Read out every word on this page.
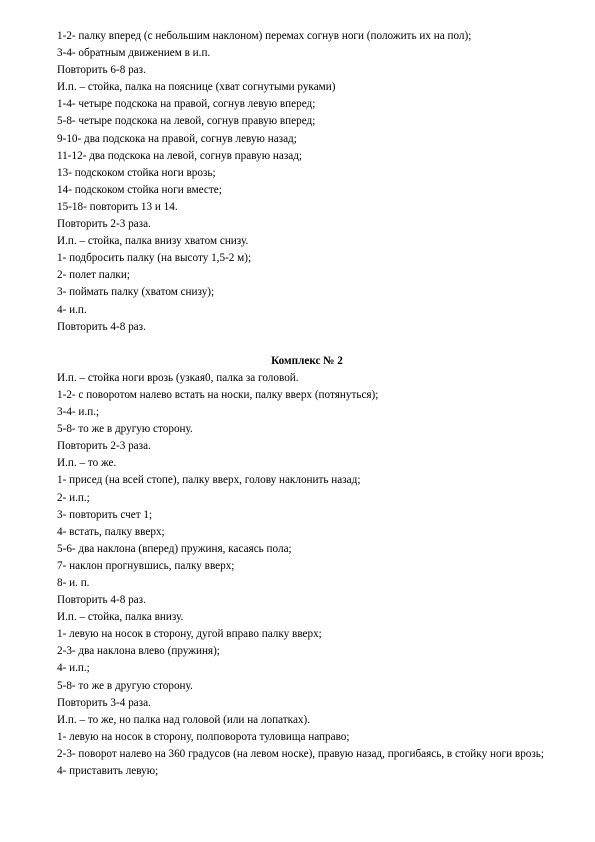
1-2- палку вперед (с небольшим наклоном) перемах согнув ноги (положить их на пол);
3-4- обратным движением в и.п.
Повторить 6-8 раз.
И.п. – стойка, палка на пояснице (хват согнутыми руками)
1-4- четыре подскока на правой, согнув левую вперед;
5-8- четыре подскока на левой, согнув правую вперед;
9-10- два подскока на правой, согнув левую назад;
11-12- два подскока на левой, согнув правую назад;
13- подскоком стойка ноги врозь;
14- подскоком стойка ноги вместе;
15-18- повторить 13 и 14.
Повторить 2-3 раза.
И.п. – стойка, палка внизу хватом снизу.
1- подбросить палку (на высоту 1,5-2 м);
2- полет палки;
3- поймать палку (хватом снизу);
4- и.п.
Повторить 4-8 раз.
Комплекс № 2
И.п. – стойка ноги врозь (узкая0, палка за головой.
1-2- с поворотом налево встать на носки, палку вверх (потянуться);
3-4- и.п.;
5-8- то же в другую сторону.
Повторить 2-3 раза.
И.п. – то же.
1- присед (на всей стопе), палку вверх, голову наклонить назад;
2- и.п.;
3- повторить счет 1;
4- встать, палку вверх;
5-6- два наклона (вперед) пружиня, касаясь пола;
7- наклон прогнувшись, палку вверх;
8- и. п.
Повторить 4-8 раз.
И.п. – стойка, палка внизу.
1- левую на носок в сторону, дугой вправо палку вверх;
2-3- два наклона влево (пружиня);
4- и.п.;
5-8- то же в другую сторону.
Повторить 3-4 раза.
И.п. – то же, но палка над головой (или на лопатках).
1- левую на носок в сторону, полповорота туловища направо;
2-3- поворот налево на 360 градусов (на левом носке), правую назад, прогибаясь, в стойку ноги врозь;
4- приставить левую;
